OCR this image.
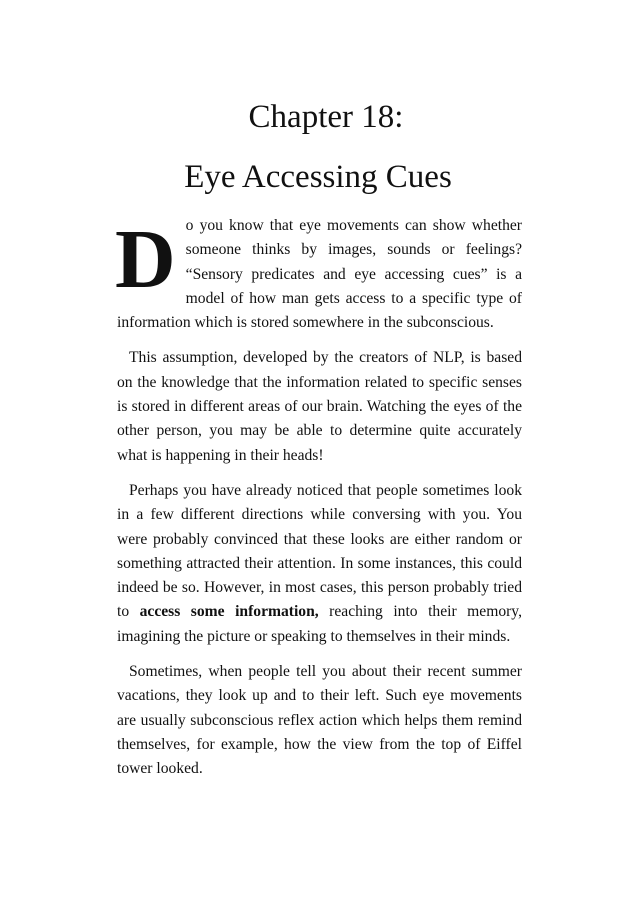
Chapter 18:
Eye Accessing Cues

Do you know that eye movements can show whether someone thinks by images, sounds or feelings? “Sensory predicates and eye accessing cues” is a model of how man gets access to a specific type of information which is stored somewhere in the subconscious.

This assumption, developed by the creators of NLP, is based on the knowledge that the information related to specific senses is stored in different areas of our brain. Watching the eyes of the other person, you may be able to determine quite accurately what is happening in their heads!

Perhaps you have already noticed that people sometimes look in a few different directions while conversing with you. You were probably convinced that these looks are either random or something attracted their attention. In some instances, this could indeed be so. However, in most cases, this person probably tried to access some information, reaching into their memory, imagining the picture or speaking to themselves in their minds.

Sometimes, when people tell you about their recent summer vacations, they look up and to their left. Such eye movements are usually subconscious reflex action which helps them remind themselves, for example, how the view from the top of Eiffel tower looked.
